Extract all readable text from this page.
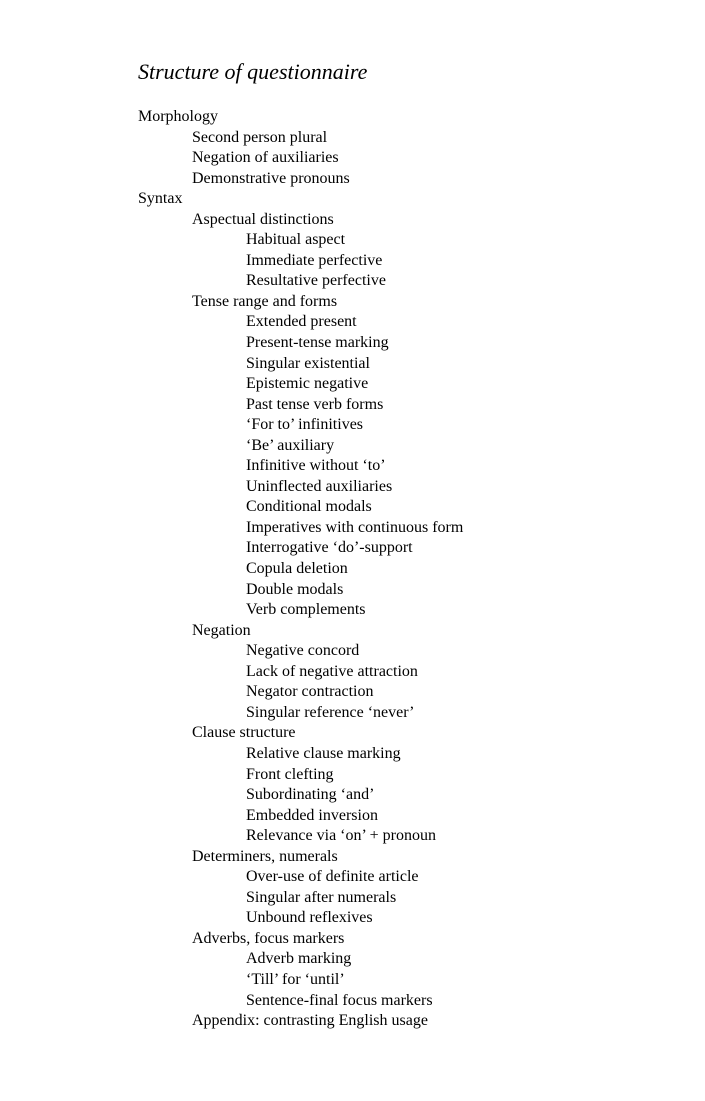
Structure of questionnaire
Morphology
Second person plural
Negation of auxiliaries
Demonstrative pronouns
Syntax
Aspectual distinctions
Habitual aspect
Immediate perfective
Resultative perfective
Tense range and forms
Extended present
Present-tense marking
Singular existential
Epistemic negative
Past tense verb forms
‘For to’ infinitives
‘Be’ auxiliary
Infinitive without ‘to’
Uninflected auxiliaries
Conditional modals
Imperatives with continuous form
Interrogative ‘do’-support
Copula deletion
Double modals
Verb complements
Negation
Negative concord
Lack of negative attraction
Negator contraction
Singular reference ‘never’
Clause structure
Relative clause marking
Front clefting
Subordinating ‘and’
Embedded inversion
Relevance via ‘on’ + pronoun
Determiners, numerals
Over-use of definite article
Singular after numerals
Unbound reflexives
Adverbs, focus markers
Adverb marking
‘Till’ for ‘until’
Sentence-final focus markers
Appendix: contrasting English usage
